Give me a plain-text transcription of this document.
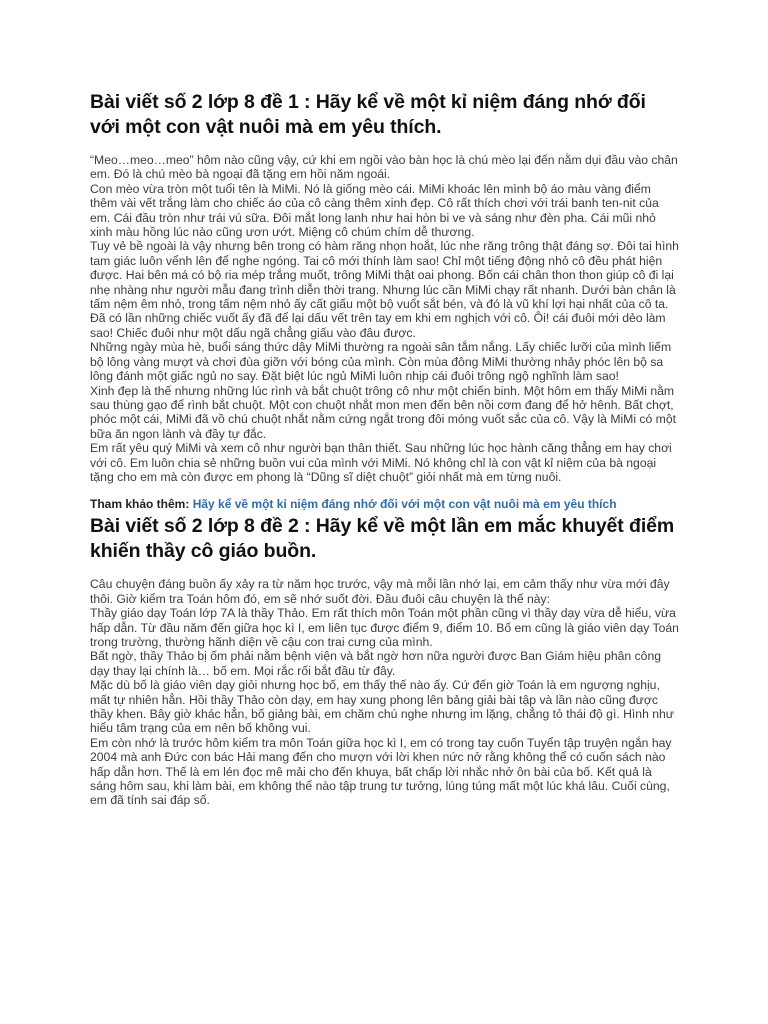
Bài viết số 2 lớp 8 đề 1 : Hãy kể về một kỉ niệm đáng nhớ đối với một con vật nuôi mà em yêu thích.

“Meo…meo…meo” hôm nào cũng vậy, cứ khi em ngồi vào bàn học là chú mèo lại đến nằm dụi đầu vào chân em. Đó là chú mèo bà ngoại đã tặng em hồi năm ngoái.

Con mèo vừa tròn một tuổi tên là MiMi. Nó là giống mèo cái. MiMi khoác lên mình bộ áo màu vàng điểm thêm vài vết trắng làm cho chiếc áo của cô càng thêm xinh đẹp. Cô rất thích chơi với trái banh ten-nit của em. Cái đầu tròn như trái vú sữa. Đôi mắt long lanh như hai hòn bi ve và sáng như đèn pha. Cái mũi nhỏ xinh màu hồng lúc nào cũng ươn ướt. Miệng cô chúm chím dễ thương.

Tuy vẻ bề ngoài là vậy nhưng bên trong có hàm răng nhọn hoắt, lúc nhe răng trông thật đáng sợ. Đôi tai hình tam giác luôn vểnh lên để nghe ngóng. Tai cô mới thính làm sao! Chỉ một tiếng động nhỏ cô đều phát hiện được. Hai bên má có bộ ria mép trắng muốt, trông MiMi thật oai phong. Bốn cái chân thon thon giúp cô đi lại nhẹ nhàng như người mẫu đang trình diễn thời trang. Nhưng lúc cần MiMi chạy rất nhanh. Dưới bàn chân là tấm nệm êm nhỏ, trong tấm nệm nhỏ ấy cất giấu một bộ vuốt sắt bén, và đó là vũ khí lợi hại nhất của cô ta. Đã có lần những chiếc vuốt ấy đã để lại dấu vết trên tay em khi em nghịch với cô. Ôi! cái đuôi mới dẻo làm sao! Chiếc đuôi như một dấu ngã chẳng giấu vào đâu được.

Những ngày mùa hè, buổi sáng thức dậy MiMi thường ra ngoài sân tắm nắng. Lấy chiếc lưỡi của mình liếm bộ lông vàng mượt và chơi đùa giỡn với bóng của mình. Còn mùa đông MiMi thường nhảy phóc lên bộ sa lông đánh một giấc ngủ no say. Đặt biệt lúc ngủ MiMi luôn nhịp cái đuôi trông ngộ nghĩnh làm sao!

Xinh đẹp là thế nhưng những lúc rình và bắt chuột trông cô như một chiến binh. Một hôm em thấy MiMi nằm sau thùng gạo để rình bắt chuột. Một con chuột nhắt mon men đến bên nồi cơm đang để hở hênh. Bất chợt, phóc một cái, MiMi đã vồ chú chuột nhắt nằm cứng ngắt trong đôi móng vuốt sắc của cô. Vậy là MiMi có một bữa ăn ngon lành và đầy tự đắc.

Em rất yêu quý MiMi và xem cô như người bạn thân thiết. Sau những lúc học hành căng thẳng em hay chơi với cô. Em luôn chia sẻ những buồn vui của mình với MiMi. Nó không chỉ là con vật kỉ niệm của bà ngoại tặng cho em mà còn được em phong là “Dũng sĩ diệt chuột” giỏi nhất mà em từng nuôi.

Tham khảo thêm: Hãy kể về một kỉ niệm đáng nhớ đối với một con vật nuôi mà em yêu thích
Bài viết số 2 lớp 8 đề 2 : Hãy kể về một lần em mắc khuyết điểm khiến thầy cô giáo buồn.

Câu chuyện đáng buồn ấy xảy ra từ năm học trước, vậy mà mỗi lần nhớ lại, em cảm thấy như vừa mới đây thôi. Giờ kiểm tra Toán hôm đó, em sẽ nhớ suốt đời. Đầu đuôi câu chuyện là thế này:

Thầy giáo dạy Toán lớp 7A là thầy Thảo. Em rất thích môn Toán một phần cũng vì thầy dạy vừa dễ hiểu, vừa hấp dẫn. Từ đầu năm đến giữa học kì I, em liên tục được điểm 9, điểm 10. Bố em cũng là giáo viên dạy Toán trong trường, thường hãnh diện về cậu con trai cưng của mình.

Bất ngờ, thầy Thảo bị ốm phải nằm bệnh viện và bắt ngờ hơn nữa người được Ban Giám hiệu phân công dạy thay lại chính là… bố em. Mọi rắc rối bắt đầu từ đây.

Mặc dù bố là giáo viên dạy giỏi nhưng học bố, em thấy thế nào ấy. Cứ đến giờ Toán là em ngượng nghịu, mất tự nhiên hẳn. Hồi thầy Thảo còn dạy, em hay xung phong lên bảng giải bài tập và lần nào cũng được thầy khen. Bây giờ khác hẳn, bố giảng bài, em chăm chú nghe nhưng im lặng, chẳng tỏ thái độ gì. Hình như hiểu tâm trạng của em nên bố không vui.

Em còn nhớ là trước hôm kiểm tra môn Toán giữa học kì I, em có trong tay cuốn Tuyển tập truyện ngắn hay 2004 mà anh Đức con bác Hải mang đến cho mượn với lời khen nức nở rằng không thể có cuốn sách nào hấp dẫn hơn. Thế là em lén đọc mê mải cho đến khuya, bất chấp lời nhắc nhở ôn bài của bố. Kết quả là sáng hôm sau, khi làm bài, em không thể nào tập trung tư tưởng, lúng túng mất một lúc khá lâu. Cuối cùng, em đã tính sai đáp số.
